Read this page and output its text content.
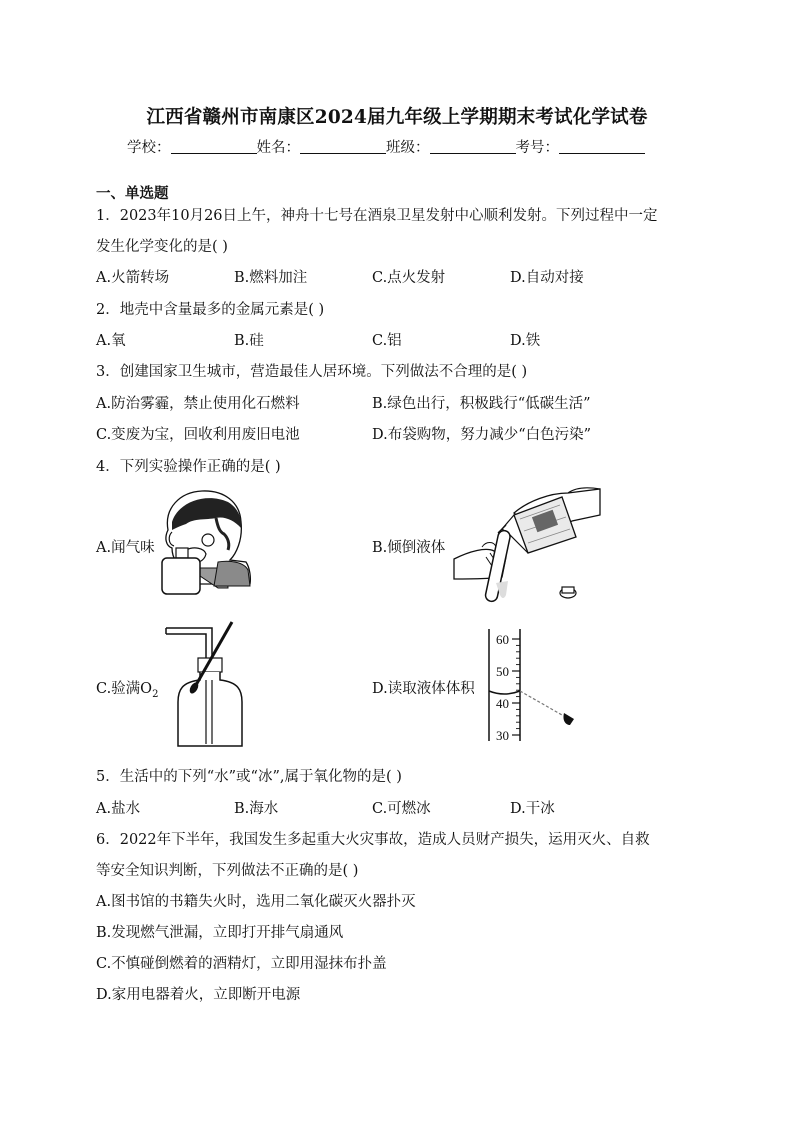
江西省赣州市南康区2024届九年级上学期期末考试化学试卷
学校：	姓名：	班级：	考号：
一、单选题
1．2023年10月26日上午，神舟十七号在酒泉卫星发射中心顺利发射。下列过程中一定
发生化学变化的是( )
A.火箭转场	B.燃料加注	C.点火发射	D.自动对接
2．地壳中含量最多的金属元素是( )
A.氧	B.硅	C.铝	D.铁
3．创建国家卫生城市，营造最佳人居环境。下列做法不合理的是( )
A.防治雾霾，禁止使用化石燃料	B.绿色出行，积极践行“低碳生活”
C.变废为宝，回收利用废旧电池	D.布袋购物，努力减少“白色污染”
4．下列实验操作正确的是( )
A.闻气味	B.倾倒液体
C.验满$O_2$	D.读取液体体积
60
50
40
30
5．生活中的下列“水”或“冰”,属于氧化物的是( )
A.盐水	B.海水	C.可燃冰	D.干冰
6．2022年下半年，我国发生多起重大火灾事故，造成人员财产损失，运用灭火、自救
等安全知识判断，下列做法不正确的是( )
A.图书馆的书籍失火时，选用二氧化碳灭火器扑灭
B.发现燃气泄漏，立即打开排气扇通风
C.不慎碰倒燃着的酒精灯，立即用湿抹布扑盖
D.家用电器着火，立即断开电源
